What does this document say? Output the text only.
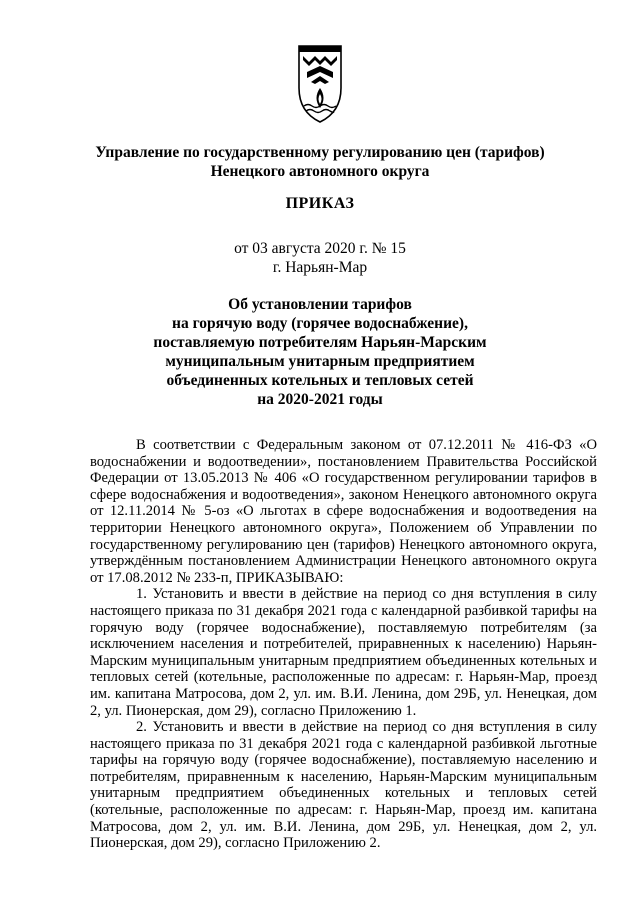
Управление по государственному регулированию цен (тарифов)
Ненецкого автономного округа
ПРИКАЗ
от 03 августа 2020 г. № 15
г. Нарьян-Мар
Об установлении тарифов
на горячую воду (горячее водоснабжение),
поставляемую потребителям Нарьян-Марским
муниципальным унитарным предприятием
объединенных котельных и тепловых сетей
на 2020-2021 годы

В соответствии с Федеральным законом от 07.12.2011 № 416-ФЗ «О водоснабжении и водоотведении», постановлением Правительства Российской Федерации от 13.05.2013 № 406 «О государственном регулировании тарифов в сфере водоснабжения и водоотведения», законом Ненецкого автономного округа от 12.11.2014 № 5-оз «О льготах в сфере водоснабжения и водоотведения на территории Ненецкого автономного округа», Положением об Управлении по государственному регулированию цен (тарифов) Ненецкого автономного округа, утверждённым постановлением Администрации Ненецкого автономного округа от 17.08.2012 № 233-п, ПРИКАЗЫВАЮ:

1. Установить и ввести в действие на период со дня вступления в силу настоящего приказа по 31 декабря 2021 года с календарной разбивкой тарифы на горячую воду (горячее водоснабжение), поставляемую потребителям (за исключением населения и потребителей, приравненных к населению) Нарьян-Марским муниципальным унитарным предприятием объединенных котельных и тепловых сетей (котельные, расположенные по адресам: г. Нарьян-Мар, проезд им. капитана Матросова, дом 2, ул. им. В.И. Ленина, дом 29Б, ул. Ненецкая, дом 2, ул. Пионерская, дом 29), согласно Приложению 1.

2. Установить и ввести в действие на период со дня вступления в силу настоящего приказа по 31 декабря 2021 года с календарной разбивкой льготные тарифы на горячую воду (горячее водоснабжение), поставляемую населению и потребителям, приравненным к населению, Нарьян-Марским муниципальным унитарным предприятием объединенных котельных и тепловых сетей (котельные, расположенные по адресам: г. Нарьян-Мар, проезд им. капитана Матросова, дом 2, ул. им. В.И. Ленина, дом 29Б, ул. Ненецкая, дом 2, ул. Пионерская, дом 29), согласно Приложению 2.
